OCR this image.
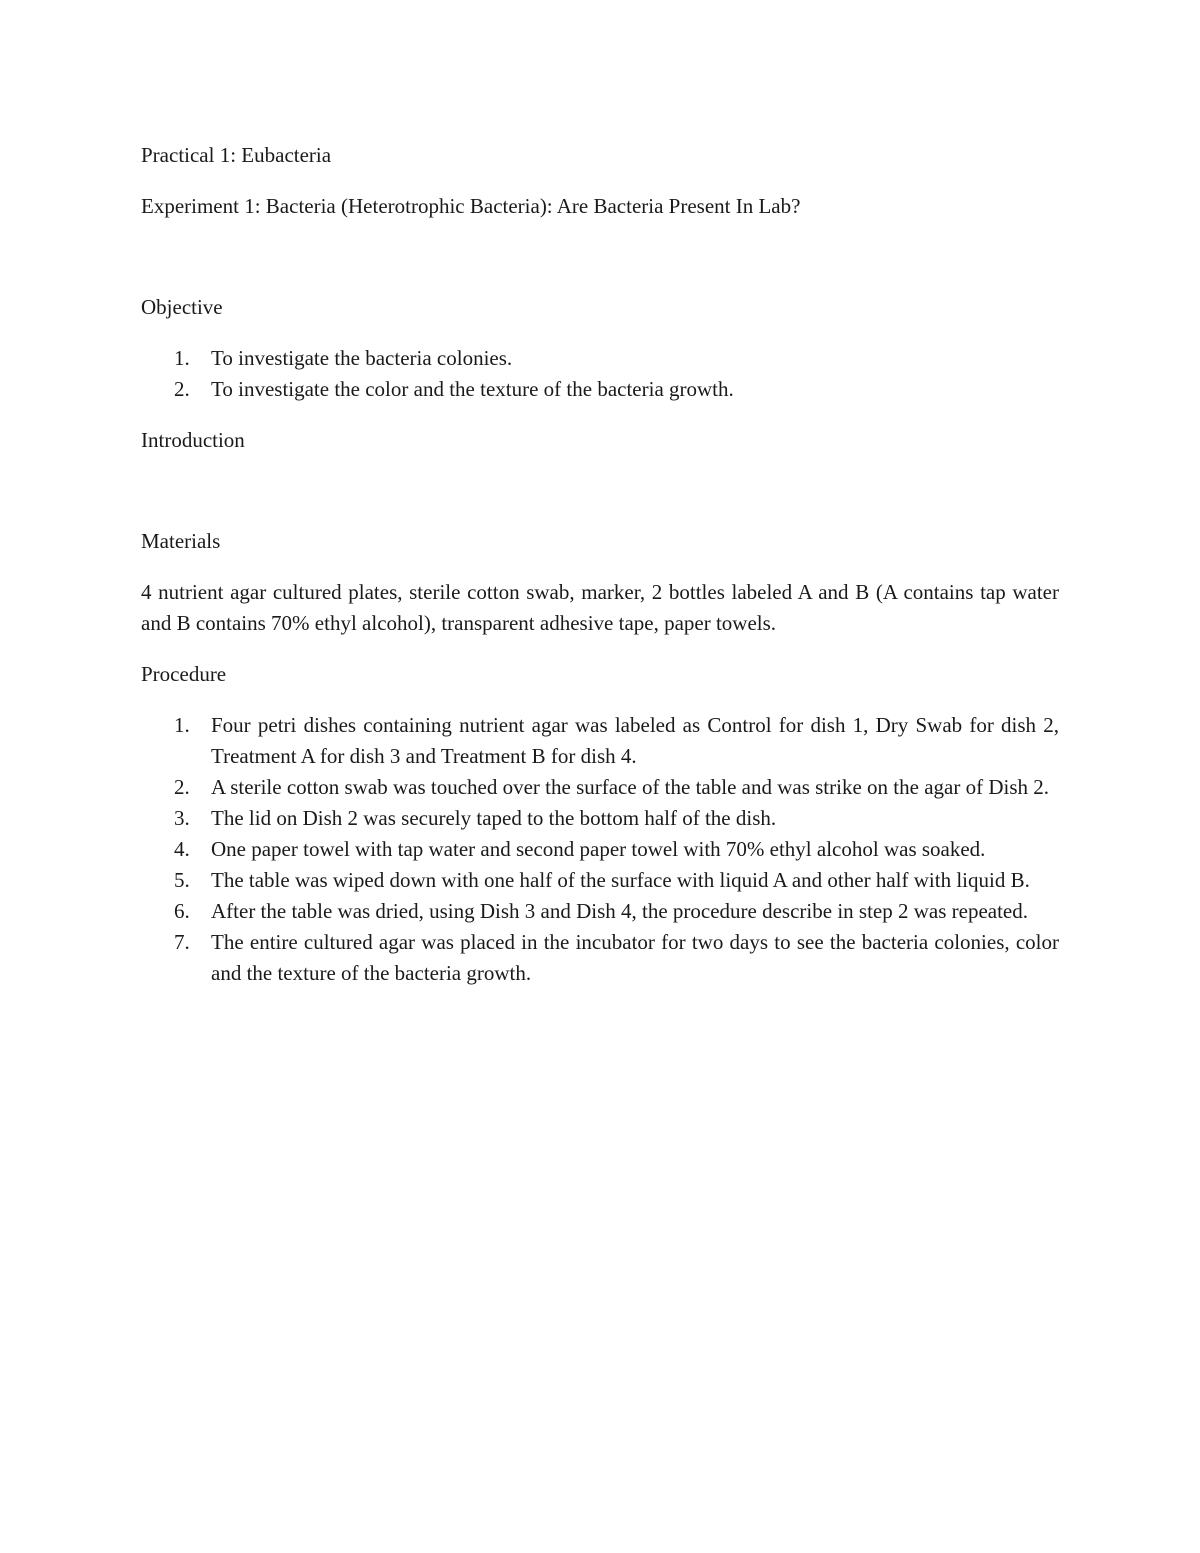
Practical 1: Eubacteria

Experiment 1: Bacteria (Heterotrophic Bacteria): Are Bacteria Present In Lab?

Objective

1. To investigate the bacteria colonies.
2. To investigate the color and the texture of the bacteria growth.

Introduction

Materials

4 nutrient agar cultured plates, sterile cotton swab, marker, 2 bottles labeled A and B (A contains tap water and B contains 70% ethyl alcohol), transparent adhesive tape, paper towels.

Procedure

1. Four petri dishes containing nutrient agar was labeled as Control for dish 1, Dry Swab for dish 2, Treatment A for dish 3 and Treatment B for dish 4.
2. A sterile cotton swab was touched over the surface of the table and was strike on the agar of Dish 2.
3. The lid on Dish 2 was securely taped to the bottom half of the dish.
4. One paper towel with tap water and second paper towel with 70% ethyl alcohol was soaked.
5. The table was wiped down with one half of the surface with liquid A and other half with liquid B.
6. After the table was dried, using Dish 3 and Dish 4, the procedure describe in step 2 was repeated.
7. The entire cultured agar was placed in the incubator for two days to see the bacteria colonies, color and the texture of the bacteria growth.
